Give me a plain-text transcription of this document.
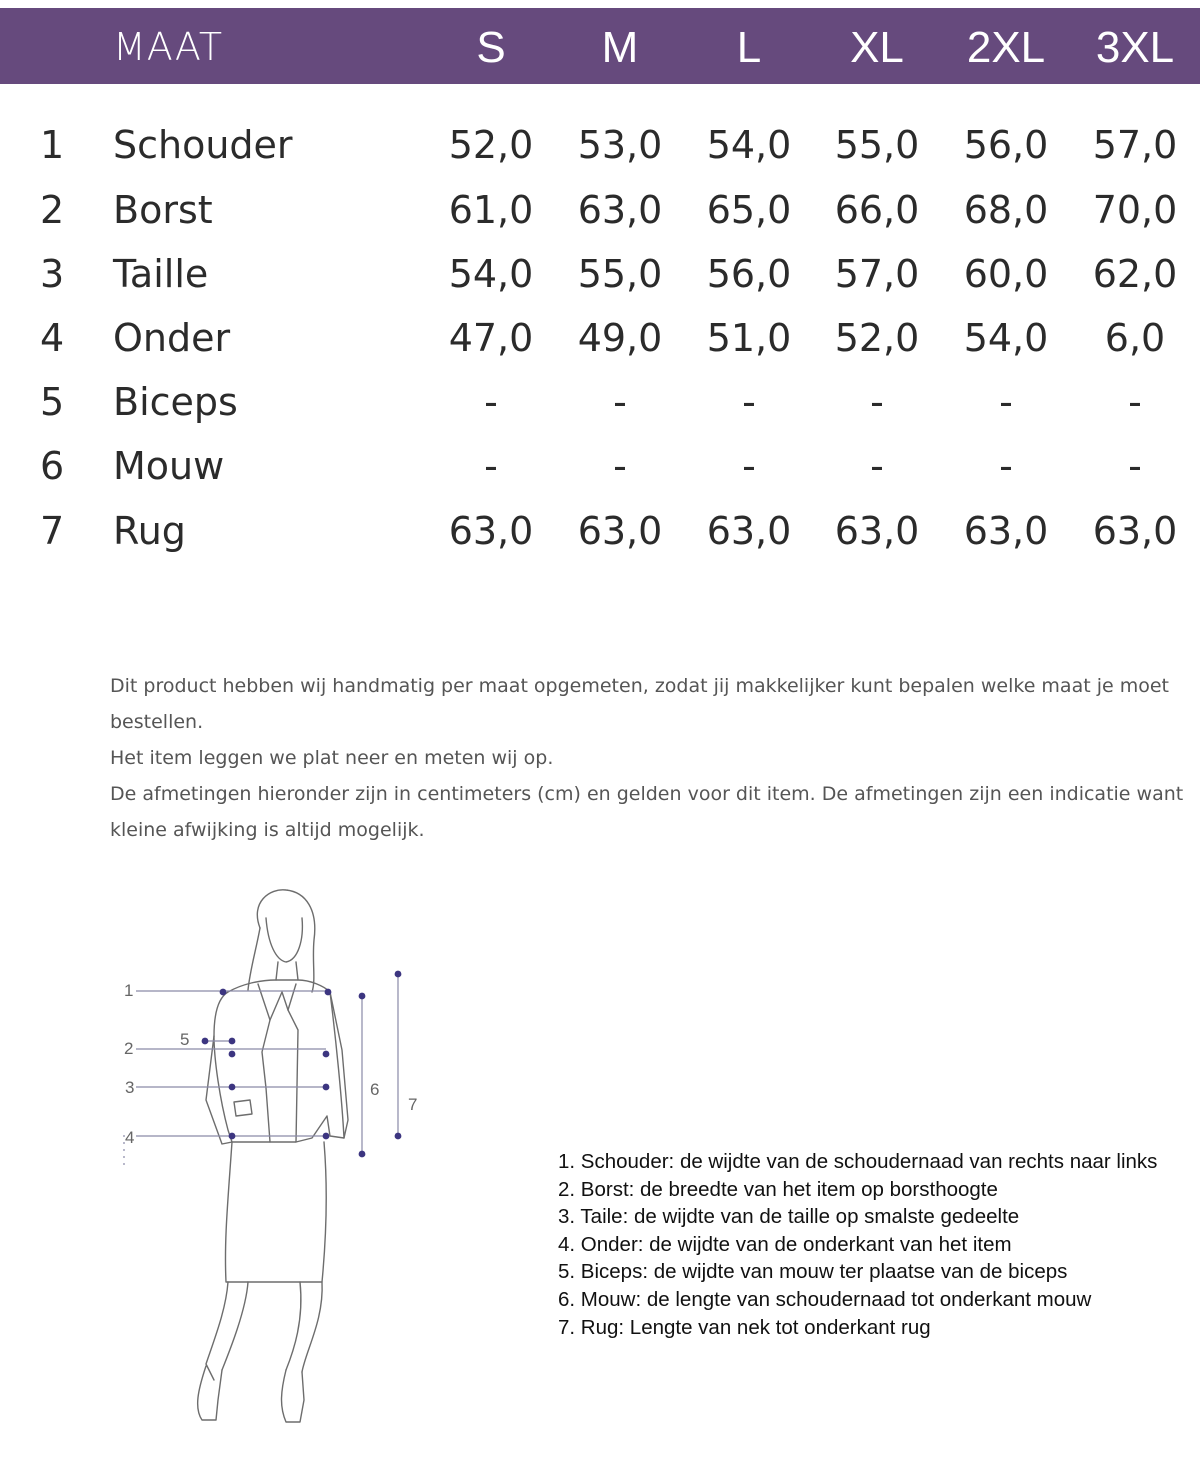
MAAT	S	M	L	XL	2XL	3XL
1 Schouder	52,0	53,0	54,0	55,0	56,0	57,0
2 Borst	61,0	63,0	65,0	66,0	68,0	70,0
3 Taille	54,0	55,0	56,0	57,0	60,0	62,0
4 Onder	47,0	49,0	51,0	52,0	54,0	6,0
5 Biceps	-	-	-	-	-	-
6 Mouw	-	-	-	-	-	-
7 Rug	63,0	63,0	63,0	63,0	63,0	63,0

Dit product hebben wij handmatig per maat opgemeten, zodat jij makkelijker kunt bepalen welke maat je moet bestellen.

Het item leggen we plat neer en meten wij op.

De afmetingen hieronder zijn in centimeters (cm) en gelden voor dit item. De afmetingen zijn een indicatie want kleine afwijking is altijd mogelijk.

1
2
3
4
5
6
7
1. Schouder: de wijdte van de schoudernaad van rechts naar links
2. Borst: de breedte van het item op borsthoogte
3. Taile: de wijdte van de taille op smalste gedeelte
4. Onder: de wijdte van de onderkant van het item
5. Biceps: de wijdte van mouw ter plaatse van de biceps
6. Mouw: de lengte van schoudernaad tot onderkant mouw
7. Rug: Lengte van nek tot onderkant rug
